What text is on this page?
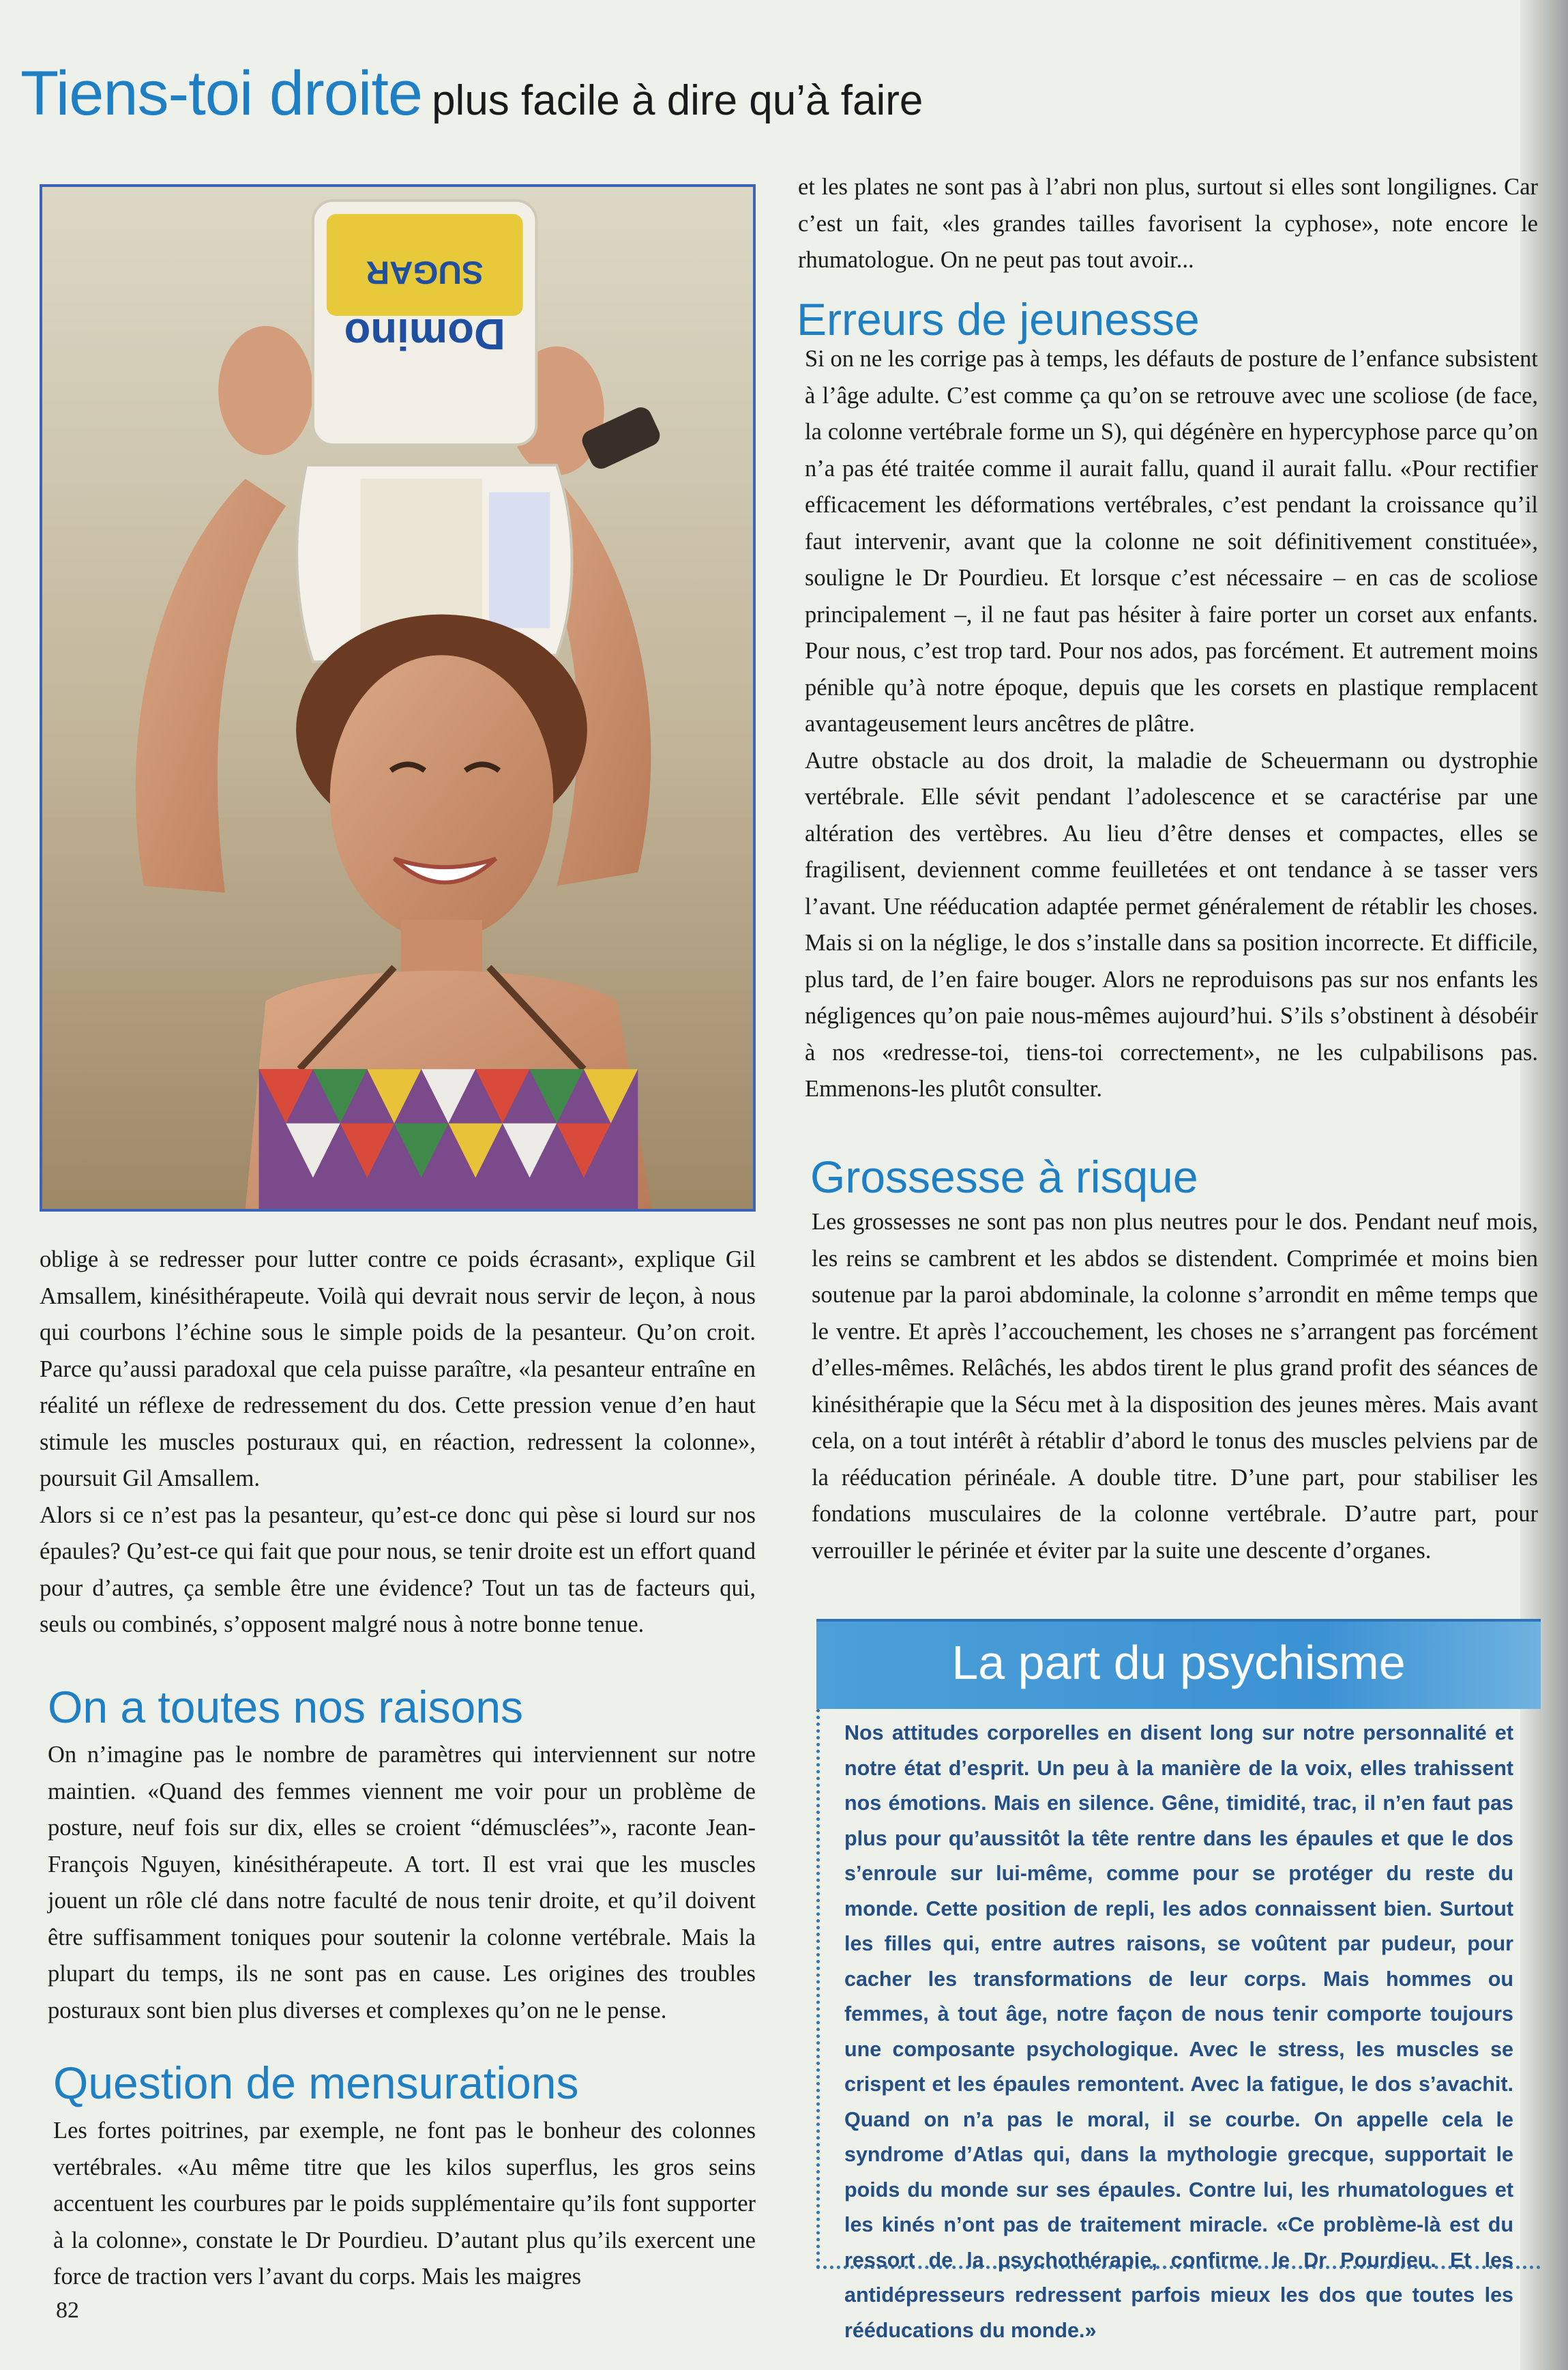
Tiens-toi droite plus facile à dire qu’à faire
Domino
SUGAR

oblige à se redresser pour lutter contre ce poids écrasant», explique Gil Amsallem, kinésithérapeute. Voilà qui devrait nous servir de leçon, à nous qui courbons l’échine sous le simple poids de la pesanteur. Qu’on croit. Parce qu’aussi paradoxal que cela puisse paraître, «la pesanteur entraîne en réalité un réflexe de redressement du dos. Cette pression venue d’en haut stimule les muscles posturaux qui, en réaction, redressent la colonne», poursuit Gil Amsallem.

Alors si ce n’est pas la pesanteur, qu’est-ce donc qui pèse si lourd sur nos épaules? Qu’est-ce qui fait que pour nous, se tenir droite est un effort quand pour d’autres, ça semble être une évidence? Tout un tas de facteurs qui, seuls ou combinés, s’opposent malgré nous à notre bonne tenue.

On a toutes nos raisons

On n’imagine pas le nombre de paramètres qui interviennent sur notre maintien. «Quand des femmes viennent me voir pour un problème de posture, neuf fois sur dix, elles se croient “démusclées”», raconte Jean-François Nguyen, kinésithérapeute. A tort. Il est vrai que les muscles jouent un rôle clé dans notre faculté de nous tenir droite, et qu’il doivent être suffisamment toniques pour soutenir la colonne vertébrale. Mais la plupart du temps, ils ne sont pas en cause. Les origines des troubles posturaux sont bien plus diverses et complexes qu’on ne le pense.

Question de mensurations

Les fortes poitrines, par exemple, ne font pas le bonheur des colonnes vertébrales. «Au même titre que les kilos superflus, les gros seins accentuent les courbures par le poids supplémentaire qu’ils font supporter à la colonne», constate le Dr Pourdieu. D’autant plus qu’ils exercent une force de traction vers l’avant du corps. Mais les maigres

82

et les plates ne sont pas à l’abri non plus, surtout si elles sont longilignes. Car c’est un fait, «les grandes tailles favorisent la cyphose», note encore le rhumatologue. On ne peut pas tout avoir...

Erreurs de jeunesse

Si on ne les corrige pas à temps, les défauts de posture de l’enfance subsistent à l’âge adulte. C’est comme ça qu’on se retrouve avec une scoliose (de face, la colonne vertébrale forme un S), qui dégénère en hypercyphose parce qu’on n’a pas été traitée comme il aurait fallu, quand il aurait fallu. «Pour rectifier efficacement les déformations vertébrales, c’est pendant la croissance qu’il faut intervenir, avant que la colonne ne soit définitivement constituée», souligne le Dr Pourdieu. Et lorsque c’est nécessaire – en cas de scoliose principalement –, il ne faut pas hésiter à faire porter un corset aux enfants. Pour nous, c’est trop tard. Pour nos ados, pas forcément. Et autrement moins pénible qu’à notre époque, depuis que les corsets en plastique remplacent avantageusement leurs ancêtres de plâtre.

Autre obstacle au dos droit, la maladie de Scheuermann ou dystrophie vertébrale. Elle sévit pendant l’adolescence et se caractérise par une altération des vertèbres. Au lieu d’être denses et compactes, elles se fragilisent, deviennent comme feuilletées et ont tendance à se tasser vers l’avant. Une rééducation adaptée permet généralement de rétablir les choses. Mais si on la néglige, le dos s’installe dans sa position incorrecte. Et difficile, plus tard, de l’en faire bouger. Alors ne reproduisons pas sur nos enfants les négligences qu’on paie nous-mêmes aujourd’hui. S’ils s’obstinent à désobéir à nos «redresse-toi, tiens-toi correctement», ne les culpabilisons pas. Emmenons-les plutôt consulter.

Grossesse à risque

Les grossesses ne sont pas non plus neutres pour le dos. Pendant neuf mois, les reins se cambrent et les abdos se distendent. Comprimée et moins bien soutenue par la paroi abdominale, la colonne s’arrondit en même temps que le ventre. Et après l’accouchement, les choses ne s’arrangent pas forcément d’elles-mêmes. Relâchés, les abdos tirent le plus grand profit des séances de kinésithérapie que la Sécu met à la disposition des jeunes mères. Mais avant cela, on a tout intérêt à rétablir d’abord le tonus des muscles pelviens par de la rééducation périnéale. A double titre. D’une part, pour stabiliser les fondations musculaires de la colonne vertébrale. D’autre part, pour verrouiller le périnée et éviter par la suite une descente d’organes.

La part du psychisme

Nos attitudes corporelles en disent long sur notre personnalité et notre état d’esprit. Un peu à la manière de la voix, elles trahissent nos émotions. Mais en silence. Gêne, timidité, trac, il n’en faut pas plus pour qu’aussitôt la tête rentre dans les épaules et que le dos s’enroule sur lui-même, comme pour se protéger du reste du monde. Cette position de repli, les ados connaissent bien. Surtout les filles qui, entre autres raisons, se voûtent par pudeur, pour cacher les transformations de leur corps. Mais hommes ou femmes, à tout âge, notre façon de nous tenir comporte toujours une composante psychologique. Avec le stress, les muscles se crispent et les épaules remontent. Avec la fatigue, le dos s’avachit. Quand on n’a pas le moral, il se courbe. On appelle cela le syndrome d’Atlas qui, dans la mythologie grecque, supportait le poids du monde sur ses épaules. Contre lui, les rhumatologues et les kinés n’ont pas de traitement miracle. «Ce problème-là est du ressort de la psychothérapie, confirme le Dr Pourdieu. Et les antidépresseurs redressent parfois mieux les dos que toutes les rééducations du monde.»
